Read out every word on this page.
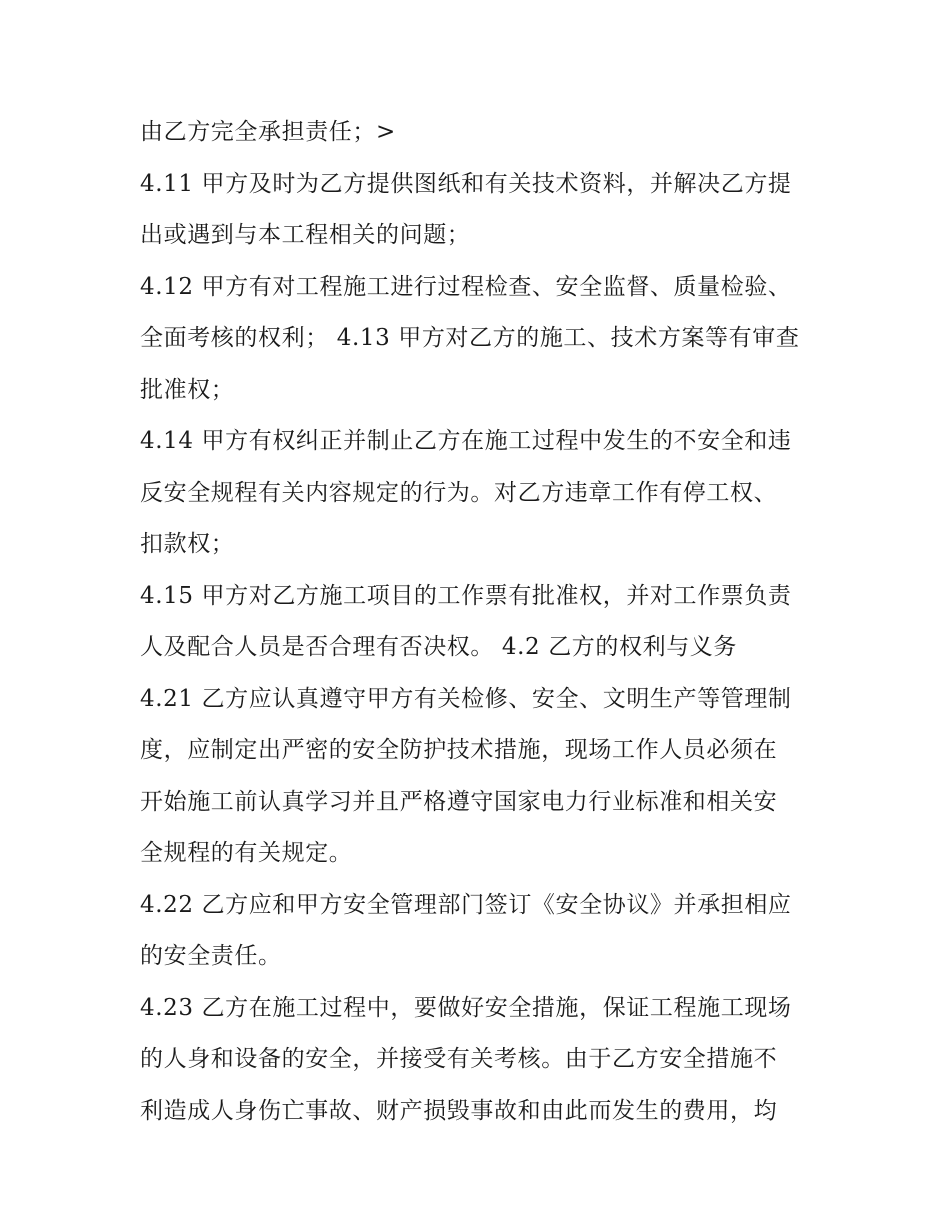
由乙方完全承担责任；>
4.11 甲方及时为乙方提供图纸和有关技术资料，并解决乙方提
出或遇到与本工程相关的问题；
4.12 甲方有对工程施工进行过程检查、安全监督、质量检验、
全面考核的权利； 4.13 甲方对乙方的施工、技术方案等有审查
批准权；
4.14 甲方有权纠正并制止乙方在施工过程中发生的不安全和违
反安全规程有关内容规定的行为。对乙方违章工作有停工权、
扣款权；
4.15 甲方对乙方施工项目的工作票有批准权，并对工作票负责
人及配合人员是否合理有否决权。 4.2 乙方的权利与义务
4.21 乙方应认真遵守甲方有关检修、安全、文明生产等管理制
度，应制定出严密的安全防护技术措施，现场工作人员必须在
开始施工前认真学习并且严格遵守国家电力行业标准和相关安
全规程的有关规定。
4.22 乙方应和甲方安全管理部门签订《安全协议》并承担相应
的安全责任。
4.23 乙方在施工过程中，要做好安全措施，保证工程施工现场
的人身和设备的安全，并接受有关考核。由于乙方安全措施不
利造成人身伤亡事故、财产损毁事故和由此而发生的费用，均
